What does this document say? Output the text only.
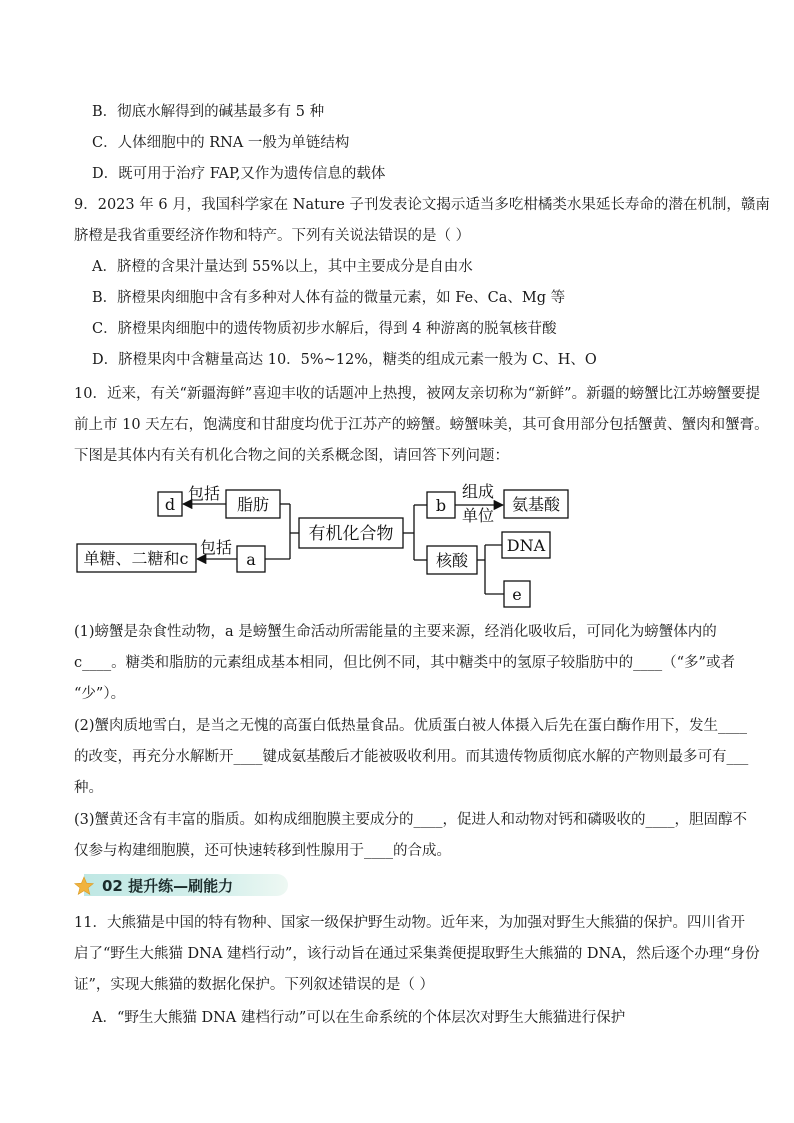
B．彻底水解得到的碱基最多有 5 种
C．人体细胞中的 RNA 一般为单链结构
D．既可用于治疗 FAP,又作为遗传信息的载体
9．2023 年 6 月，我国科学家在 Nature 子刊发表论文揭示适当多吃柑橘类水果延长寿命的潜在机制，赣南
脐橙是我省重要经济作物和特产。下列有关说法错误的是（ ）
A．脐橙的含果汁量达到 55%以上，其中主要成分是自由水
B．脐橙果肉细胞中含有多种对人体有益的微量元素，如 Fe、Ca、Mg 等
C．脐橙果肉细胞中的遗传物质初步水解后，得到 4 种游离的脱氧核苷酸
D．脐橙果肉中含糖量高达 10．5%~12%，糖类的组成元素一般为 C、H、O
10．近来，有关“新疆海鲜”喜迎丰收的话题冲上热搜，被网友亲切称为“新鲜”。新疆的螃蟹比江苏螃蟹要提
前上市 10 天左右，饱满度和甘甜度均优于江苏产的螃蟹。螃蟹味美，其可食用部分包括蟹黄、蟹肉和蟹膏。
下图是其体内有关有机化合物之间的关系概念图，请回答下列问题：
d	脂肪
有机化合物
单糖、二糖和c	a
包括
包括
b
组成
单位
氨基酸
核酸
DNA
e
(1)螃蟹是杂食性动物，a 是螃蟹生命活动所需能量的主要来源，经消化吸收后，可同化为螃蟹体内的
c____。糖类和脂肪的元素组成基本相同，但比例不同，其中糖类中的氢原子较脂肪中的____（“多”或者
“少”）。
(2)蟹肉质地雪白，是当之无愧的高蛋白低热量食品。优质蛋白被人体摄入后先在蛋白酶作用下，发生____
的改变，再充分水解断开____键成氨基酸后才能被吸收利用。而其遗传物质彻底水解的产物则最多可有___
种。
(3)蟹黄还含有丰富的脂质。如构成细胞膜主要成分的____，促进人和动物对钙和磷吸收的____，胆固醇不
仅参与构建细胞膜，还可快速转移到性腺用于____的合成。
02 提升练—刷能力
11．大熊猫是中国的特有物种、国家一级保护野生动物。近年来，为加强对野生大熊猫的保护。四川省开
启了“野生大熊猫 DNA 建档行动”，该行动旨在通过采集粪便提取野生大熊猫的 DNA，然后逐个办理“身份
证”，实现大熊猫的数据化保护。下列叙述错误的是（ ）
A．“野生大熊猫 DNA 建档行动”可以在生命系统的个体层次对野生大熊猫进行保护
